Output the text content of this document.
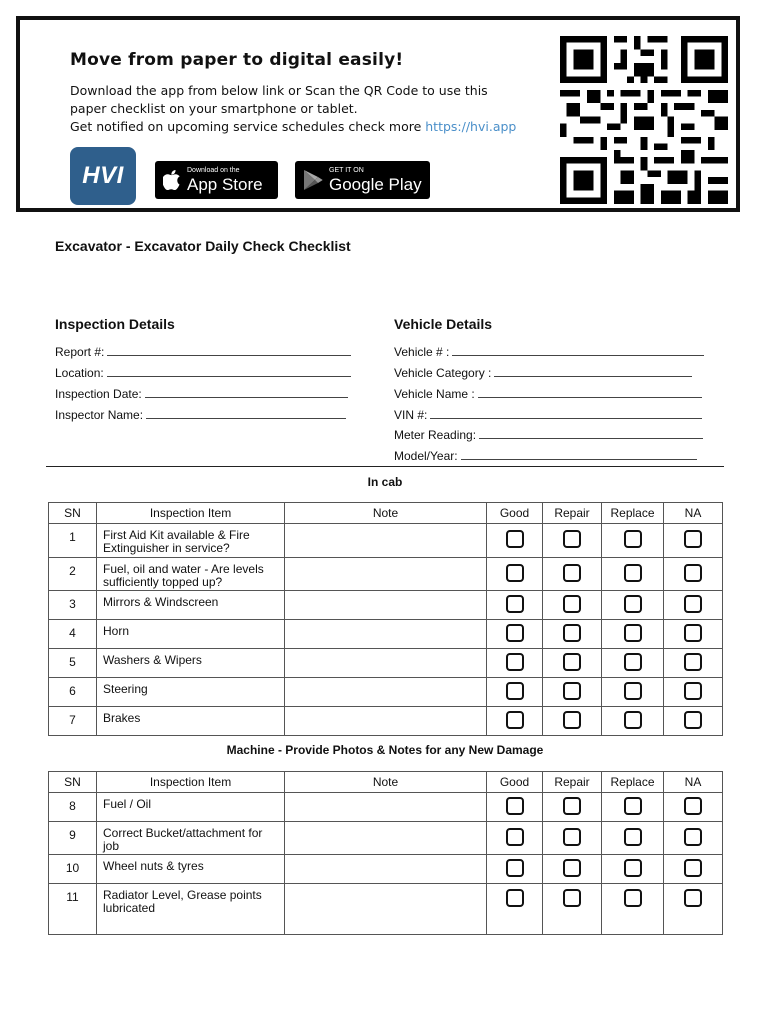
Move from paper to digital easily!
Download the app from below link or Scan the QR Code to use this
paper checklist on your smartphone or tablet.
Get notified on upcoming service schedules check more https://hvi.app
HVI	Download on the
App Store
GET IT ON
Google Play
Excavator - Excavator Daily Check Checklist
Inspection Details
Report #:
Location:
Inspection Date:
Inspector Name:
Vehicle Details
Vehicle # :
Vehicle Category :
Vehicle Name :
VIN #:
Meter Reading:
Model/Year:
In cab
SN	Inspection Item	Note	Good	Repair	Replace	NA
1	First Aid Kit available & Fire Extinguisher in service?					
2	Fuel, oil and water - Are levels sufficiently topped up?					
3	Mirrors & Windscreen					
4	Horn					
5	Washers & Wipers					
6	Steering					
7	Brakes					
Machine - Provide Photos & Notes for any New Damage
SN	Inspection Item	Note	Good	Repair	Replace	NA
8	Fuel / Oil					
9	Correct Bucket/attachment for job					
10	Wheel nuts & tyres					
11	Radiator Level, Grease points lubricated					
